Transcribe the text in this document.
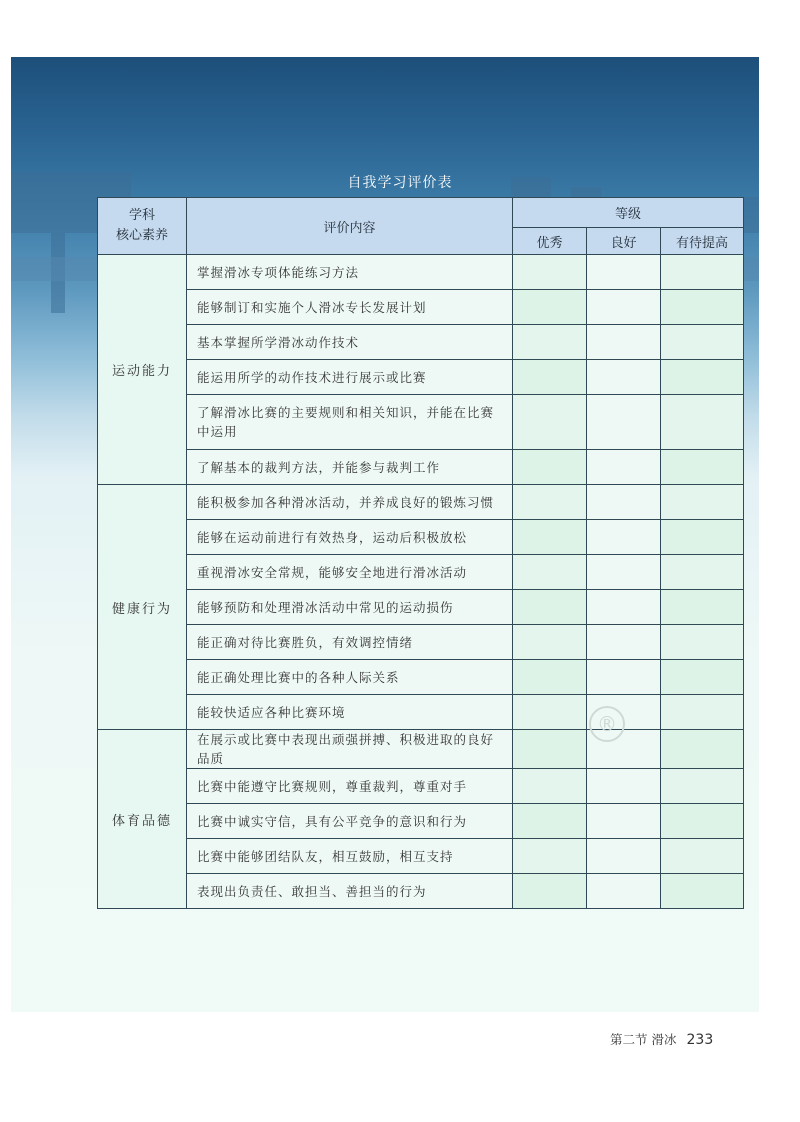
自我学习评价表
学科
核心素养	评价内容	等级		
		优秀	良好	有待提高
运动能力	掌握滑冰专项体能练习方法			
	能够制订和实施个人滑冰专长发展计划			
	基本掌握所学滑冰动作技术			
	能运用所学的动作技术进行展示或比赛			
	了解滑冰比赛的主要规则和相关知识，并能在比赛中运用			
	了解基本的裁判方法，并能参与裁判工作			
健康行为	能积极参加各种滑冰活动，并养成良好的锻炼习惯			
	能够在运动前进行有效热身，运动后积极放松			
	重视滑冰安全常规，能够安全地进行滑冰活动			
	能够预防和处理滑冰活动中常见的运动损伤			
	能正确对待比赛胜负，有效调控情绪			
	能正确处理比赛中的各种人际关系			
	能较快适应各种比赛环境			
体育品德	在展示或比赛中表现出顽强拼搏、积极进取的良好品质			
	比赛中能遵守比赛规则，尊重裁判，尊重对手			
	比赛中诚实守信，具有公平竞争的意识和行为			
	比赛中能够团结队友，相互鼓励，相互支持			
	表现出负责任、敢担当、善担当的行为			
®
第二节 滑冰 233
